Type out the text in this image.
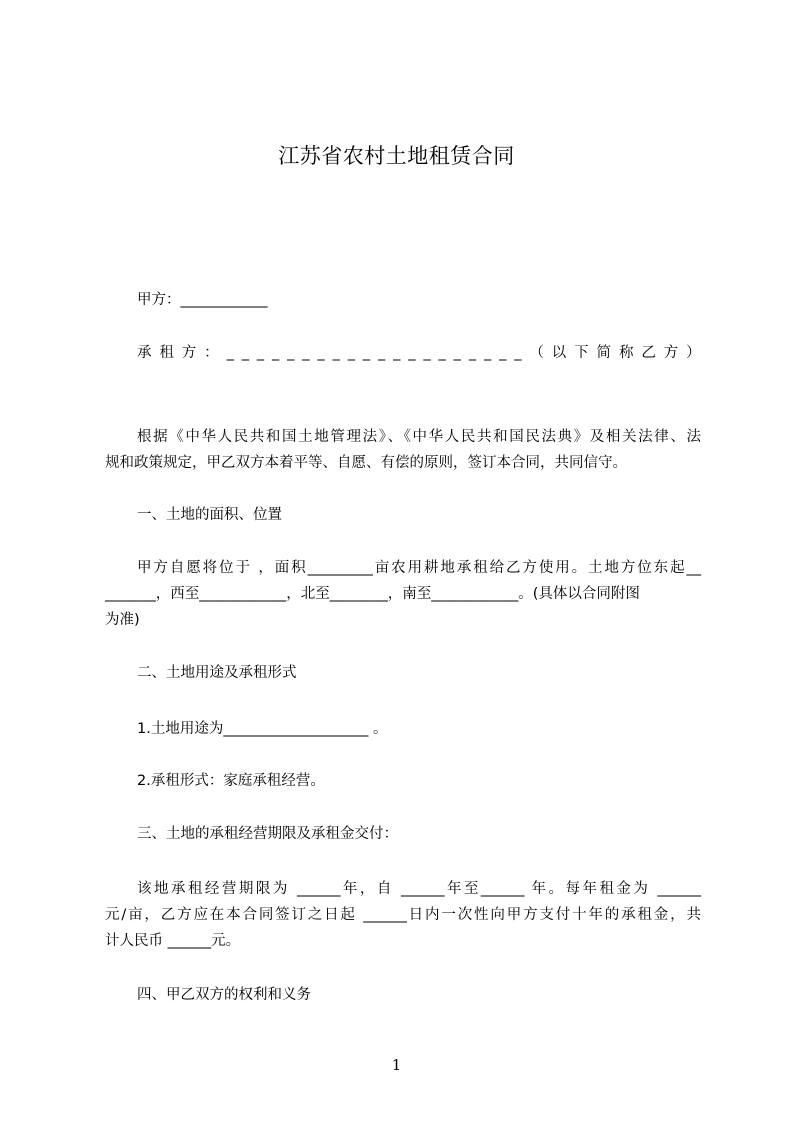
江苏省农村土地租赁合同
甲方：____________
承 租 方 ： _ _ _ _ _ _ _ _ _ _ _ _ _ _ _ _ _ _ _ _ （ 以 下 简 称 乙 方 ）
根据《中华人民共和国土地管理法》、《中华人民共和国民法典》及相关法律、法
规和政策规定，甲乙双方本着平等、自愿、有偿的原则，签订本合同，共同信守。
一、土地的面积、位置
甲方自愿将位于 ，面积_________亩农用耕地承租给乙方使用。土地方位东起__
_______，西至____________，北至________，南至____________。(具体以合同附图
为准)
二、土地用途及承租形式
1.土地用途为____________________ 。
2.承租形式：家庭承租经营。
三、土地的承租经营期限及承租金交付：
该地承租经营期限为 ______年，自 ______年至______ 年。每年租金为 ______
元/亩，乙方应在本合同签订之日起 ______日内一次性向甲方支付十年的承租金，共
计人民币 ______元。
四、甲乙双方的权利和义务
1
